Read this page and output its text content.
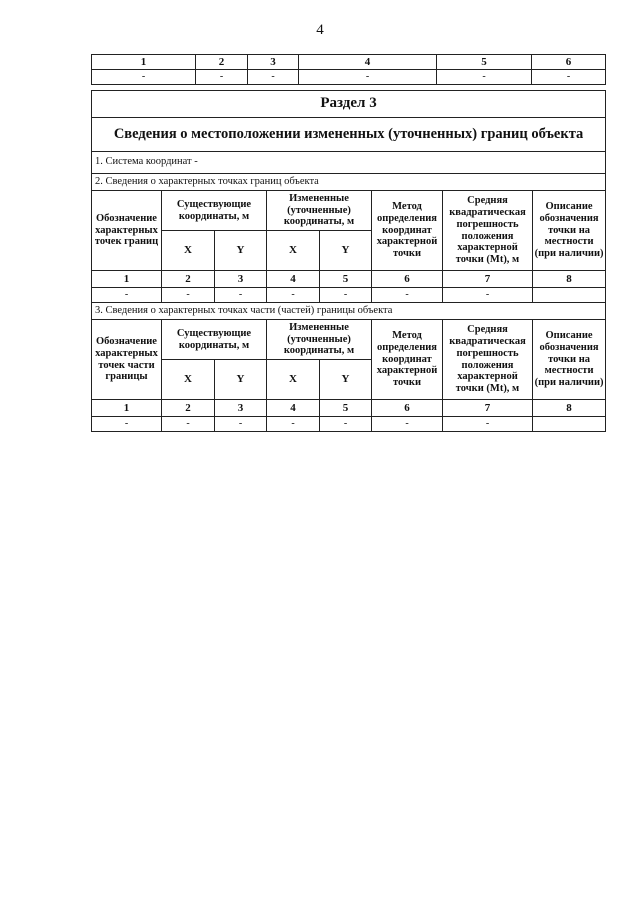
4
1	2	3	4	5	6
-	-	-	-	-	-
Раздел 3							
Сведения о местоположении измененных (уточненных) границ объекта							
1. Система координат -							
2. Сведения о характерных точках границ объекта							
Обозначение характерных точек границ	Существующие координаты, м		Измененные (уточненные) координаты, м		Метод определения координат характерной точки	Средняя квадратическая погрешность положения характерной точки (Mt), м	Описание обозначения точки на местности (при наличии)
	X	Y	X	Y			
1	2	3	4	5	6	7	8
-	-	-	-	-	-	-	
3. Сведения о характерных точках части (частей) границы объекта							
Обозначение характерных точек части границы	Существующие координаты, м		Измененные (уточненные) координаты, м		Метод определения координат характерной точки	Средняя квадратическая погрешность положения характерной точки (Mt), м	Описание обозначения точки на местности (при наличии)
	X	Y	X	Y			
1	2	3	4	5	6	7	8
-	-	-	-	-	-	-	
